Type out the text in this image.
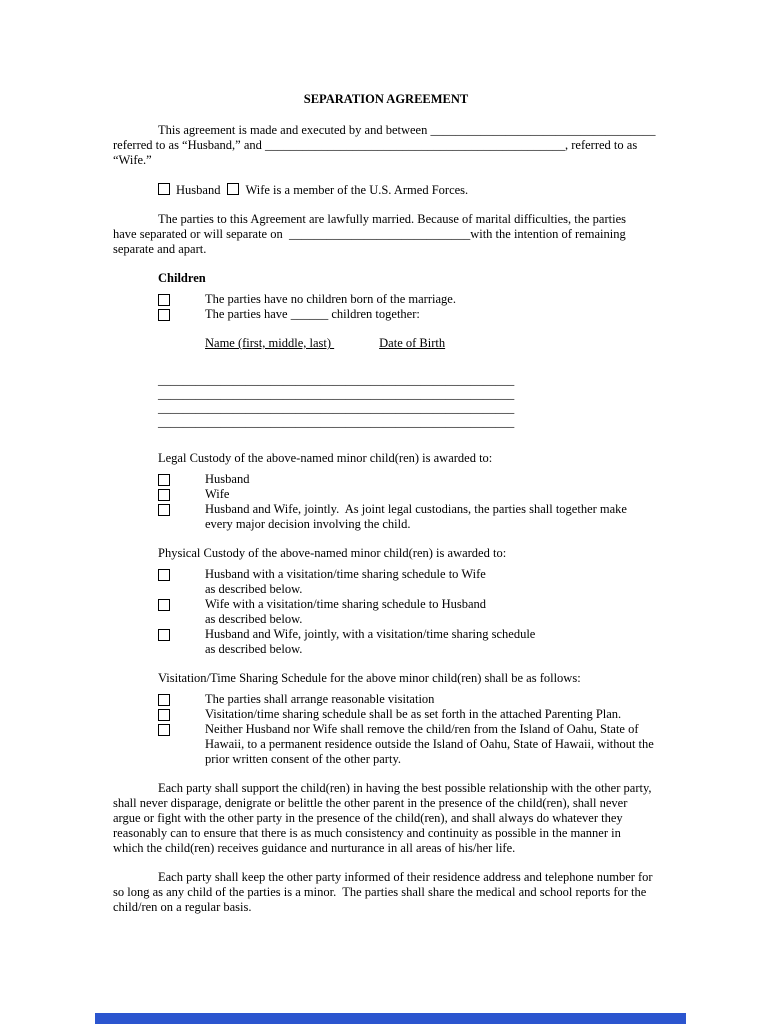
SEPARATION AGREEMENT
This agreement is made and executed by and between ____________________________________
referred to as “Husband,” and ________________________________________________, referred to as
“Wife.”
Husband Wife is a member of the U.S. Armed Forces.
The parties to this Agreement are lawfully married. Because of marital difficulties, the parties
have separated or will separate on  _____________________________with the intention of remaining
separate and apart.
Children
The parties have no children born of the marriage.
The parties have ______ children together:
Name (first, middle, last)	Date of Birth
_________________________________________________________
_________________________________________________________
_________________________________________________________
_________________________________________________________
Legal Custody of the above-named minor child(ren) is awarded to:
Husband
Wife
Husband and Wife, jointly.  As joint legal custodians, the parties shall together make
every major decision involving the child.
Physical Custody of the above-named minor child(ren) is awarded to:
Husband with a visitation/time sharing schedule to Wife
as described below.
Wife with a visitation/time sharing schedule to Husband
as described below.
Husband and Wife, jointly, with a visitation/time sharing schedule
as described below.
Visitation/Time Sharing Schedule for the above minor child(ren) shall be as follows:
The parties shall arrange reasonable visitation
Visitation/time sharing schedule shall be as set forth in the attached Parenting Plan.
Neither Husband nor Wife shall remove the child/ren from the Island of Oahu, State of
Hawaii, to a permanent residence outside the Island of Oahu, State of Hawaii, without the
prior written consent of the other party.
Each party shall support the child(ren) in having the best possible relationship with the other party,
shall never disparage, denigrate or belittle the other parent in the presence of the child(ren), shall never
argue or fight with the other party in the presence of the child(ren), and shall always do whatever they
reasonably can to ensure that there is as much consistency and continuity as possible in the manner in
which the child(ren) receives guidance and nurturance in all areas of his/her life.
Each party shall keep the other party informed of their residence address and telephone number for
so long as any child of the parties is a minor.  The parties shall share the medical and school reports for the
child/ren on a regular basis.
